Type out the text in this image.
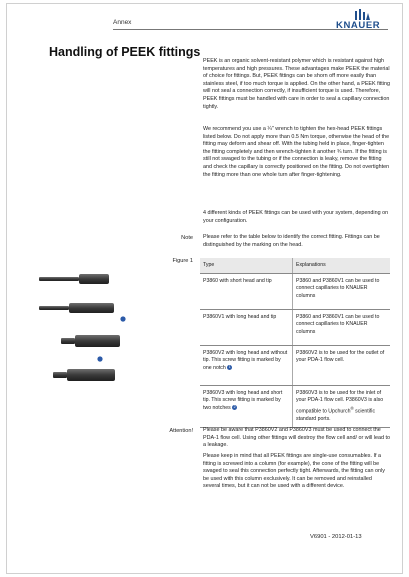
Annex	KNAUER
Handling of PEEK fittings
PEEK is an organic solvent-resistant polymer which is resistant against high temperatures and high pressures. These advantages make PEEK the material of choice for fittings. But, PEEK fittings can be shorn off more easily than stainless steel, if too much torque is applied. On the other hand, a PEEK fitting will not seal a connection correctly, if insufficient torque is used. Therefore, PEEK fittings must be handled with care in order to seal a capillary connection tightly.
We recommend you use a ¼" wrench to tighten the hex-head PEEK fittings listed below. Do not apply more than 0.5 Nm torque, otherwise the head of the fitting may deform and shear off. With the tubing held in place, finger-tighten the fitting completely and then wrench-tighten it another ¾ turn. If the fitting is still not swaged to the tubing or if the connection is leaky, remove the fitting and check the capillary is correctly positioned on the fitting. Do not overtighten the fitting more than one whole turn after finger-tightening.
4 different kinds of PEEK fittings can be used with your system, depending on your configuration.
Note Please refer to the table below to identify the correct fitting. Fittings can be distinguished by the marking on the head.
Figure 1
Type	Explanations
P3860 with short head and tip	P3860 and P3860V1 can be used to connect capillaries to KNAUER columns
P3860V1 with long head and tip	P3860 and P3860V1 can be used to connect capillaries to KNAUER columns
P3860V2 with long head and without tip. This screw fitting is marked by one notch 1	P3860V2 is to be used for the outlet of your PDA-1 flow cell.
P3860V3 with long head and short tip. This screw fitting is marked by two notches 2	P3860V3 is to be used for the inlet of your PDA-1 flow cell. P3860V3 is also compatible to Upchurch® scientific standard ports.
Attention! Please be aware that P3860V2 and P3860V3 must be used to connect the PDA-1 flow cell. Using other fittings will destroy the flow cell and/ or will lead to a leakage.
Please keep in mind that all PEEK fittings are single-use consumables. If a fitting is screwed into a column (for example), the cone of the fitting will be swaged to seal this connection perfectly tight. Afterwards, the fitting can only be used with this column exclusively. It can be removed and reinstalled several times, but it can not be used with a different device.
V6901 - 2012-01-13
